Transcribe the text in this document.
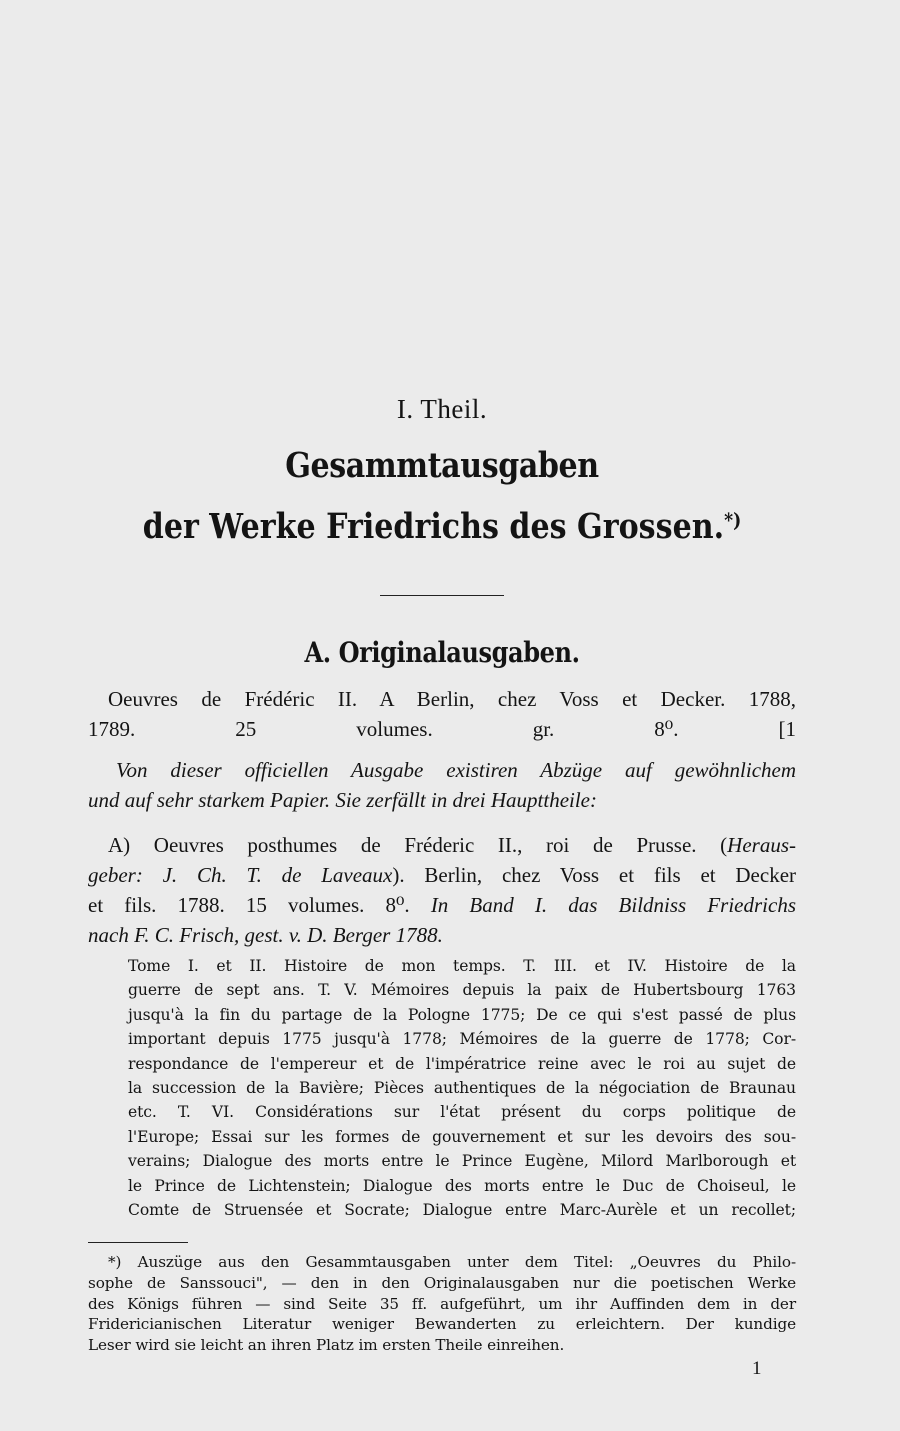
I. Theil.
Gesammtausgaben
der Werke Friedrichs des Grossen.*)
A. Originalausgaben.
Oeuvres de Frédéric II. A Berlin, chez Voss et Decker. 1788,
1789. 25 volumes. gr. 8⁰.	[1
Von dieser officiellen Ausgabe existiren Abzüge auf gewöhnlichem
und auf sehr starkem Papier. Sie zerfällt in drei Haupttheile:
A) Oeuvres posthumes de Fréderic II., roi de Prusse. (Heraus-
geber: J. Ch. T. de Laveaux). Berlin, chez Voss et fils et Decker
et fils. 1788. 15 volumes. 8⁰. In Band I. das Bildniss Friedrichs
nach F. C. Frisch, gest. v. D. Berger 1788.
Tome I. et II. Histoire de mon temps. T. III. et IV. Histoire de la
guerre de sept ans. T. V. Mémoires depuis la paix de Hubertsbourg 1763
jusqu'à la fin du partage de la Pologne 1775; De ce qui s'est passé de plus
important depuis 1775 jusqu'à 1778; Mémoires de la guerre de 1778; Cor-
respondance de l'empereur et de l'impératrice reine avec le roi au sujet de
la succession de la Bavière; Pièces authentiques de la négociation de Braunau
etc. T. VI. Considérations sur l'état présent du corps politique de
l'Europe; Essai sur les formes de gouvernement et sur les devoirs des sou-
verains; Dialogue des morts entre le Prince Eugène, Milord Marlborough et
le Prince de Lichtenstein; Dialogue des morts entre le Duc de Choiseul, le
Comte de Struensée et Socrate; Dialogue entre Marc-Aurèle et un recollet;
*) Auszüge aus den Gesammtausgaben unter dem Titel: „Oeuvres du Philo-
sophe de Sanssouci", — den in den Originalausgaben nur die poetischen Werke
des Königs führen — sind Seite 35 ff. aufgeführt, um ihr Auffinden dem in der
Fridericianischen Literatur weniger Bewanderten zu erleichtern. Der kundige
Leser wird sie leicht an ihren Platz im ersten Theile einreihen.
1
